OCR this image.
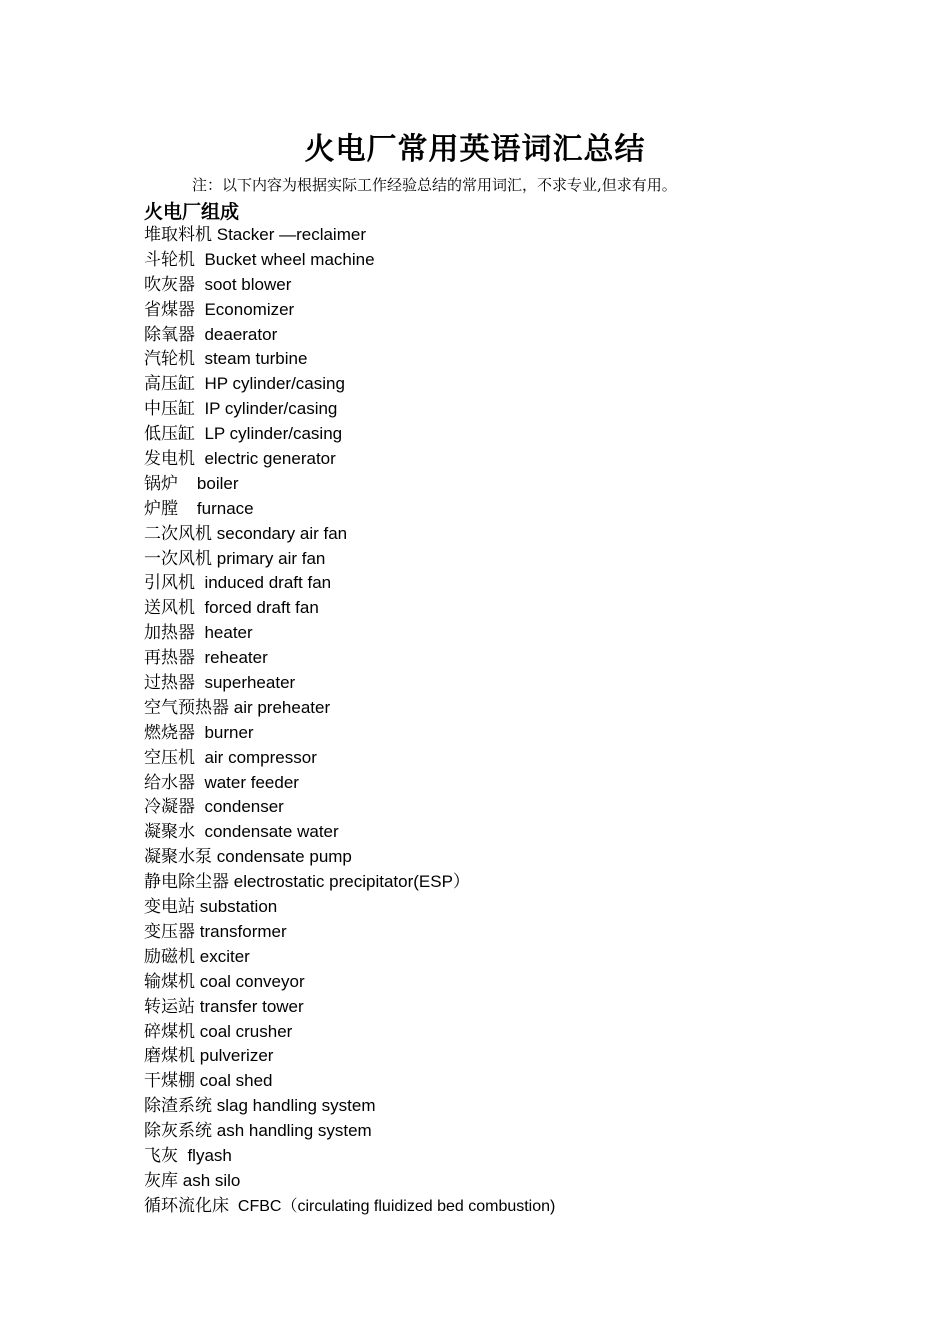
火电厂常用英语词汇总结
注：以下内容为根据实际工作经验总结的常用词汇，不求专业,但求有用。
火电厂组成
堆取料机 Stacker —reclaimer
斗轮机 Bucket wheel machine
吹灰器 soot blower
省煤器 Economizer
除氧器 deaerator
汽轮机 steam turbine
高压缸 HP cylinder/casing
中压缸 IP cylinder/casing
低压缸 LP cylinder/casing
发电机 electric generator
锅炉 boiler
炉膛 furnace
二次风机 secondary air fan
一次风机 primary air fan
引风机 induced draft fan
送风机 forced draft fan
加热器 heater
再热器 reheater
过热器 superheater
空气预热器 air preheater
燃烧器 burner
空压机 air compressor
给水器 water feeder
冷凝器 condenser
凝聚水 condensate water
凝聚水泵 condensate pump
静电除尘器 electrostatic precipitator(ESP）
变电站 substation
变压器 transformer
励磁机 exciter
输煤机 coal conveyor
转运站 transfer tower
碎煤机 coal crusher
磨煤机 pulverizer
干煤棚 coal shed
除渣系统 slag handling system
除灰系统 ash handling system
飞灰 flyash
灰库 ash silo
循环流化床 CFBC（circulating fluidized bed combustion)
